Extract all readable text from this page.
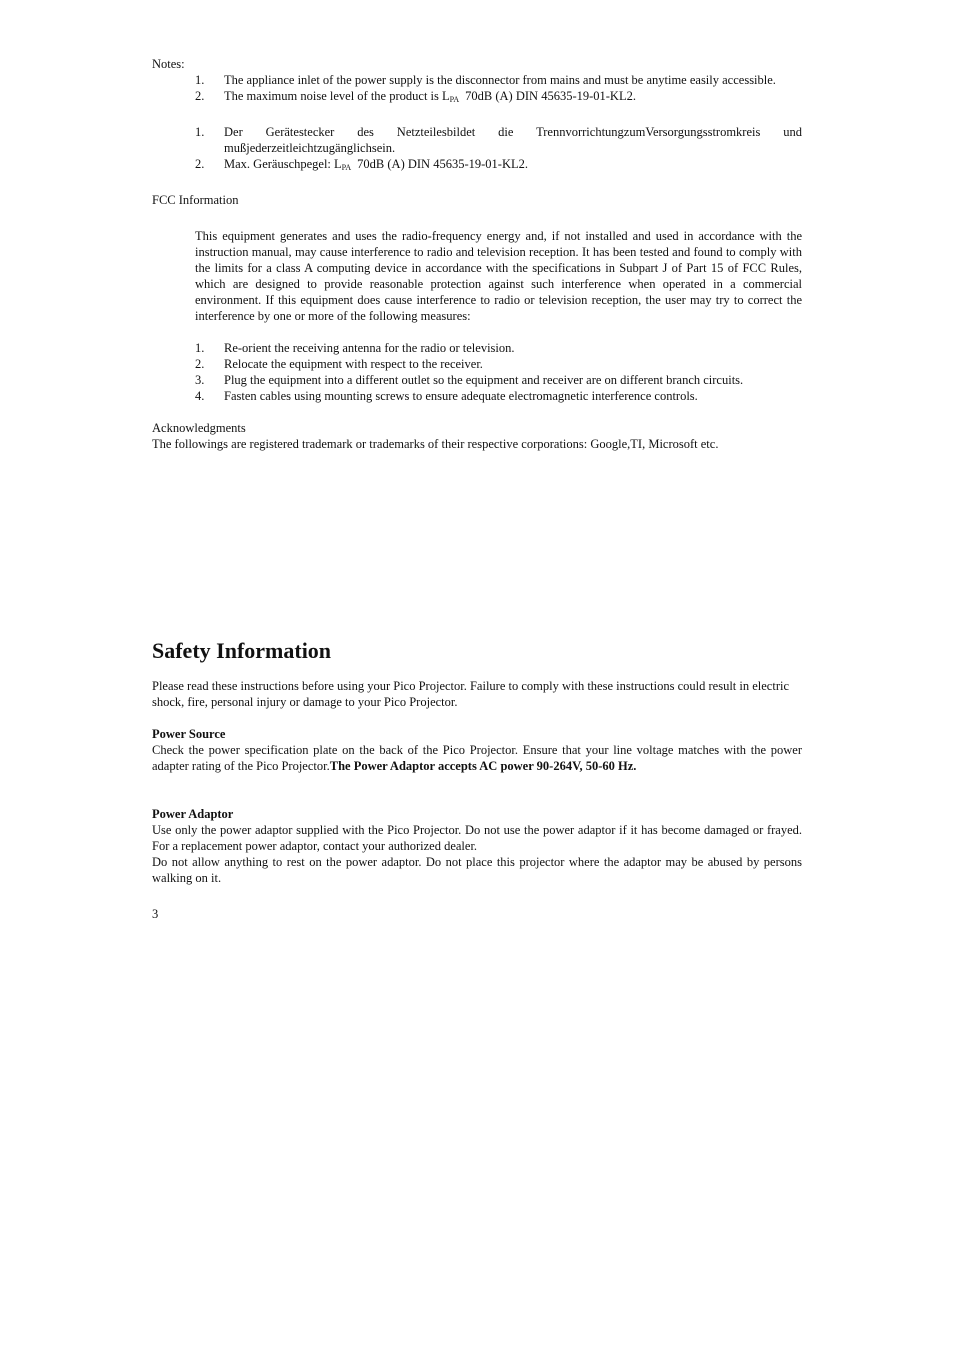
Notes:

1. The appliance inlet of the power supply is the disconnector from mains and must be anytime easily accessible.
2. The maximum noise level of the product is $L_{PA}$ 70dB (A) DIN 45635-19-01-KL2.
1. Der Gerätestecker des Netzteilesbildet die TrennvorrichtungzumVersorgungsstromkreis und mußjederzeitleichtzugänglichsein.
2. Max. Geräuschpegel: $L_{PA}$ 70dB (A) DIN 45635-19-01-KL2.

FCC Information

This equipment generates and uses the radio-frequency energy and, if not installed and used in accordance with the instruction manual, may cause interference to radio and television reception. It has been tested and found to comply with the limits for a class A computing device in accordance with the specifications in Subpart J of Part 15 of FCC Rules, which are designed to provide reasonable protection against such interference when operated in a commercial environment. If this equipment does cause interference to radio or television reception, the user may try to correct the interference by one or more of the following measures:

1. Re-orient the receiving antenna for the radio or television.
2. Relocate the equipment with respect to the receiver.
3. Plug the equipment into a different outlet so the equipment and receiver are on different branch circuits.
4. Fasten cables using mounting screws to ensure adequate electromagnetic interference controls.

Acknowledgments

The followings are registered trademark or trademarks of their respective corporations: Google,TI, Microsoft etc.

Safety Information

Please read these instructions before using your Pico Projector. Failure to comply with these instructions could result in electric shock, fire, personal injury or damage to your Pico Projector.

Power Source

Check the power specification plate on the back of the Pico Projector. Ensure that your line voltage matches with the power adapter rating of the Pico Projector.The Power Adaptor accepts AC power 90-264V, 50-60 Hz.

Power Adaptor

Use only the power adaptor supplied with the Pico Projector. Do not use the power adaptor if it has become damaged or frayed. For a replacement power adaptor, contact your authorized dealer.

Do not allow anything to rest on the power adaptor. Do not place this projector where the adaptor may be abused by persons walking on it.

3
